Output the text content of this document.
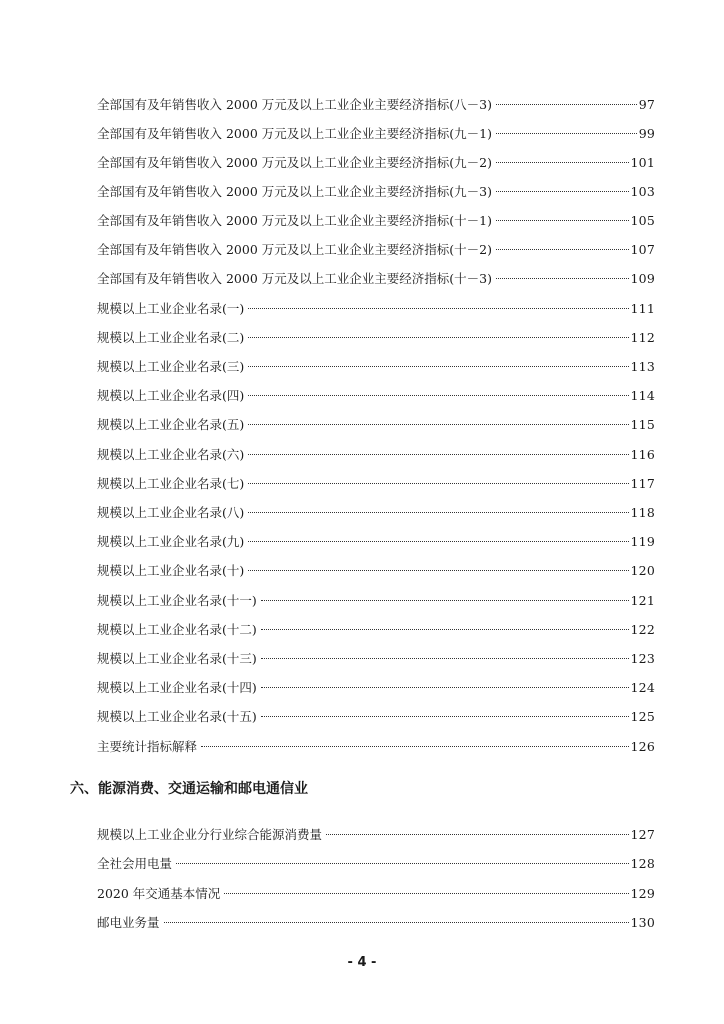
全部国有及年销售收入 2000 万元及以上工业企业主要经济指标(八－3)	97
全部国有及年销售收入 2000 万元及以上工业企业主要经济指标(九－1)	99
全部国有及年销售收入 2000 万元及以上工业企业主要经济指标(九－2)	101
全部国有及年销售收入 2000 万元及以上工业企业主要经济指标(九－3)	103
全部国有及年销售收入 2000 万元及以上工业企业主要经济指标(十－1)	105
全部国有及年销售收入 2000 万元及以上工业企业主要经济指标(十－2)	107
全部国有及年销售收入 2000 万元及以上工业企业主要经济指标(十－3)	109
规模以上工业企业名录(一)	111
规模以上工业企业名录(二)	112
规模以上工业企业名录(三)	113
规模以上工业企业名录(四)	114
规模以上工业企业名录(五)	115
规模以上工业企业名录(六)	116
规模以上工业企业名录(七)	117
规模以上工业企业名录(八)	118
规模以上工业企业名录(九)	119
规模以上工业企业名录(十)	120
规模以上工业企业名录(十一)	121
规模以上工业企业名录(十二)	122
规模以上工业企业名录(十三)	123
规模以上工业企业名录(十四)	124
规模以上工业企业名录(十五)	125
主要统计指标解释	126
六、能源消费、交通运输和邮电通信业
规模以上工业企业分行业综合能源消费量	127
全社会用电量	128
2020 年交通基本情况	129
邮电业务量	130
- 4 -
